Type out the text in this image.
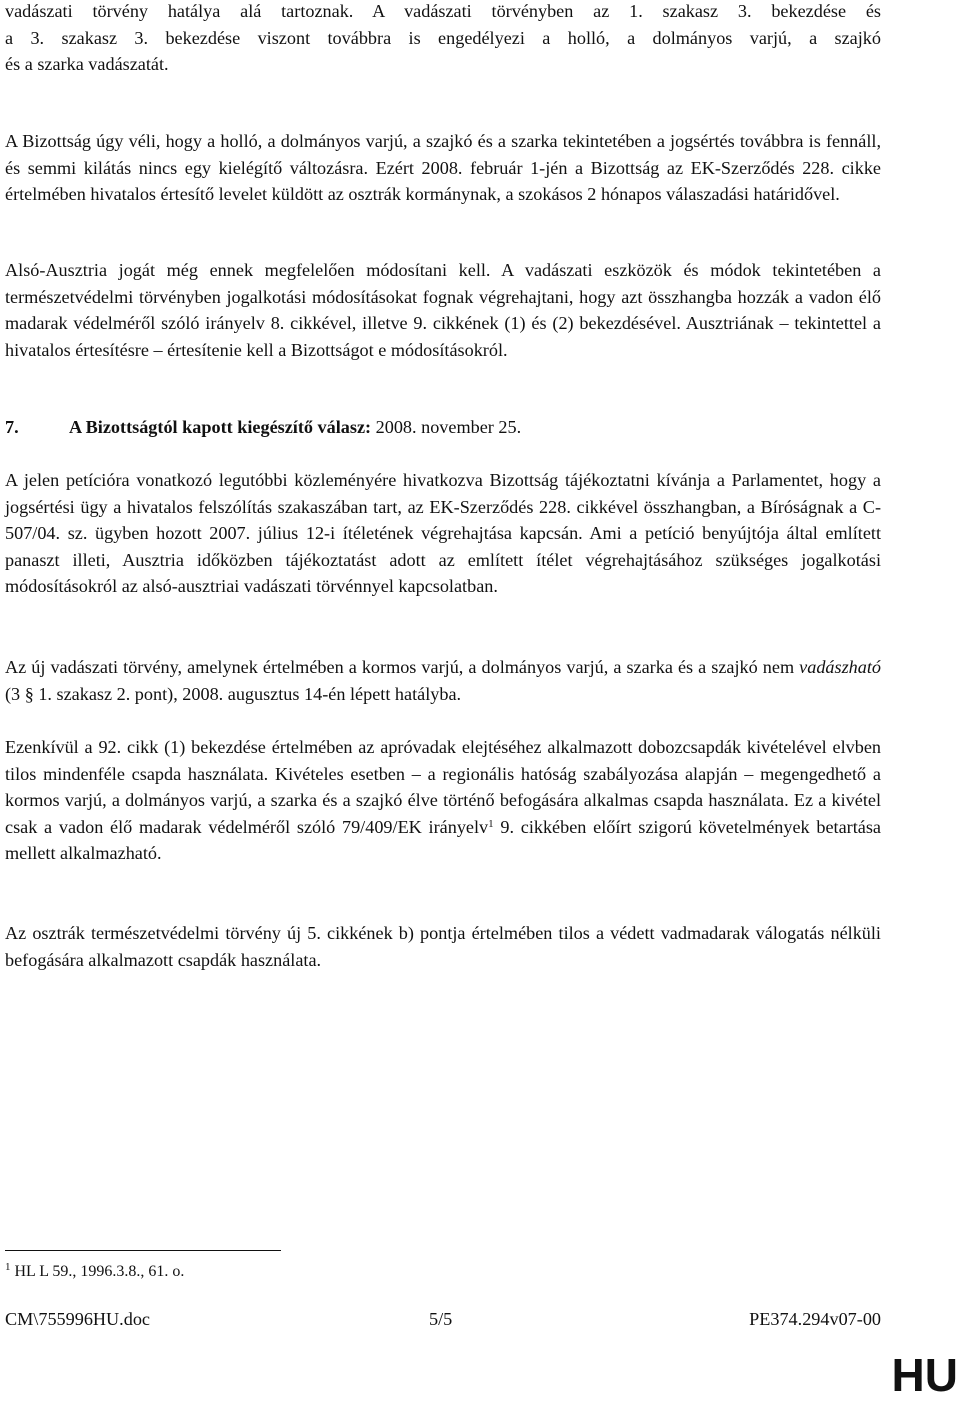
vadászati törvény hatálya alá tartoznak. A vadászati törvényben az 1. szakasz 3. bekezdése és
a 3. szakasz 3. bekezdése viszont továbbra is engedélyezi a holló, a dolmányos varjú, a szajkó
és a szarka vadászatát.

A Bizottság úgy véli, hogy a holló, a dolmányos varjú, a szajkó és a szarka tekintetében a jogsértés továbbra is fennáll, és semmi kilátás nincs egy kielégítő változásra. Ezért 2008. február 1-jén a Bizottság az EK-Szerződés 228. cikke értelmében hivatalos értesítő levelet küldött az osztrák kormánynak, a szokásos 2 hónapos válaszadási határidővel.

Alsó-Ausztria jogát még ennek megfelelően módosítani kell. A vadászati eszközök és módok tekintetében a természetvédelmi törvényben jogalkotási módosításokat fognak végrehajtani, hogy azt összhangba hozzák a vadon élő madarak védelméről szóló irányelv 8. cikkével, illetve 9. cikkének (1) és (2) bekezdésével. Ausztriának – tekintettel a hivatalos értesítésre – értesítenie kell a Bizottságot e módosításokról.

7.	A Bizottságtól kapott kiegészítő válasz: 2008. november 25.

A jelen petícióra vonatkozó legutóbbi közleményére hivatkozva Bizottság tájékoztatni kívánja a Parlamentet, hogy a jogsértési ügy a hivatalos felszólítás szakaszában tart, az EK-Szerződés 228. cikkével összhangban, a Bíróságnak a C-507/04. sz. ügyben hozott 2007. július 12-i ítéletének végrehajtása kapcsán. Ami a petíció benyújtója által említett panaszt illeti, Ausztria időközben tájékoztatást adott az említett ítélet végrehajtásához szükséges jogalkotási módosításokról az alsó-ausztriai vadászati törvénnyel kapcsolatban.

Az új vadászati törvény, amelynek értelmében a kormos varjú, a dolmányos varjú, a szarka és a szajkó nem vadászható (3 § 1. szakasz 2. pont), 2008. augusztus 14-én lépett hatályba.

Ezenkívül a 92. cikk (1) bekezdése értelmében az apróvadak elejtéséhez alkalmazott dobozcsapdák kivételével elvben tilos mindenféle csapda használata. Kivételes esetben – a regionális hatóság szabályozása alapján – megengedhető a kormos varjú, a dolmányos varjú, a szarka és a szajkó élve történő befogására alkalmas csapda használata. Ez a kivétel csak a vadon élő madarak védelméről szóló 79/409/EK irányelv$^1$ 9. cikkében előírt szigorú követelmények betartása mellett alkalmazható.

Az osztrák természetvédelmi törvény új 5. cikkének b) pontja értelmében tilos a védett vadmadarak válogatás nélküli befogására alkalmazott csapdák használata.

$^1$ HL L 59., 1996.3.8., 61. o.
CM\755996HU.doc	5/5	PE374.294v07-00
HU
